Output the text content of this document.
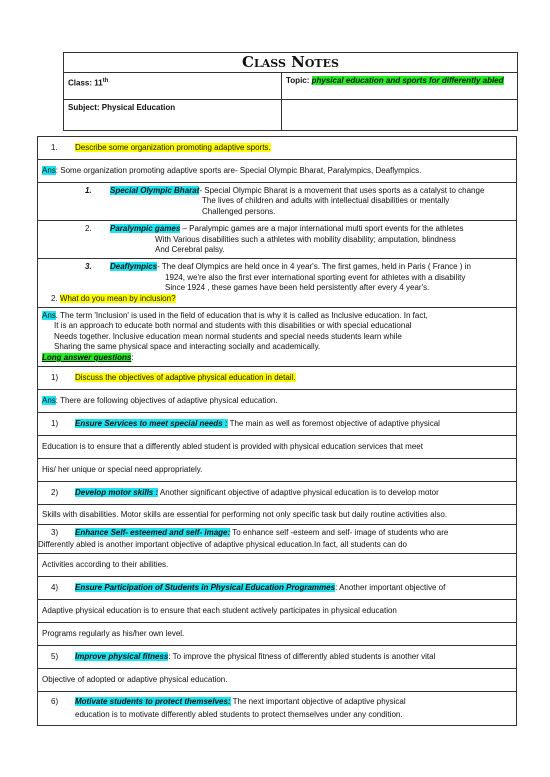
Class Notes
Class: 11th	Topic: physical education and sports for differently abled
Subject: Physical Education
1. Describe some organization promoting adaptive sports.
Ans: Some organization promoting adaptive sports are- Special Olympic Bharat, Paralympics, Deaflympics.
1. Special Olympic Bharat- Special Olympic Bharat is a movement that uses sports as a catalyst to change
The lives of children and adults with intellectual disabilities or mentally
Challenged persons.
2. Paralympic games – Paralympic games are a major international multi sport events for the athletes
With Various disabilities such a athletes with mobility disability; amputation, blindness
And Cerebral palsy.
3. Deaflympics- The deaf Olympics are held once in 4 year's. The first games, held in Paris ( France ) in
1924, we're also the first ever international sporting event for athletes with a disability
Since 1924 , these games have been held persistently after every 4 year's.
2. What do you mean by inclusion?
Ans. The term 'Inclusion' is used in the field of education that is why it is called as Inclusive education. In fact,
It is an approach to educate both normal and students with this disabilities or with special educational
Needs together. Inclusive education mean normal students and special needs students learn while
Sharing the same physical space and interacting socially and academically.
Long answer questions:
1) Discuss the objectives of adaptive physical education in detail.
Ans: There are following objectives of adaptive physical education.
1) Ensure Services to meet special needs : The main as well as foremost objective of adaptive physical
Education is to ensure that a differently abled student is provided with physical education services that meet
His/ her unique or special need appropriately.
2) Develop motor skills : Another significant objective of adaptive physical education is to develop motor
Skills with disabilities. Motor skills are essential for performing not only specific task but daily routine activities also.
3) Enhance Self- esteemed and self- image: To enhance self -esteem and self- image of students who are
Differently abled is another important objective of adaptive physical education.In fact, all students can do
Activities according to their abilities.
4) Ensure Participation of Students in Physical Education Programmes: Another important objective of
Adaptive physical education is to ensure that each student actively participates in physical education
Programs regularly as his/her own level.
5) Improve physical fitness: To improve the physical fitness of differently abled students is another vital
Objective of adopted or adaptive physical education.
6) Motivate students to protect themselves: The next important objective of adaptive physical
education is to motivate differently abled students to protect themselves under any condition.
